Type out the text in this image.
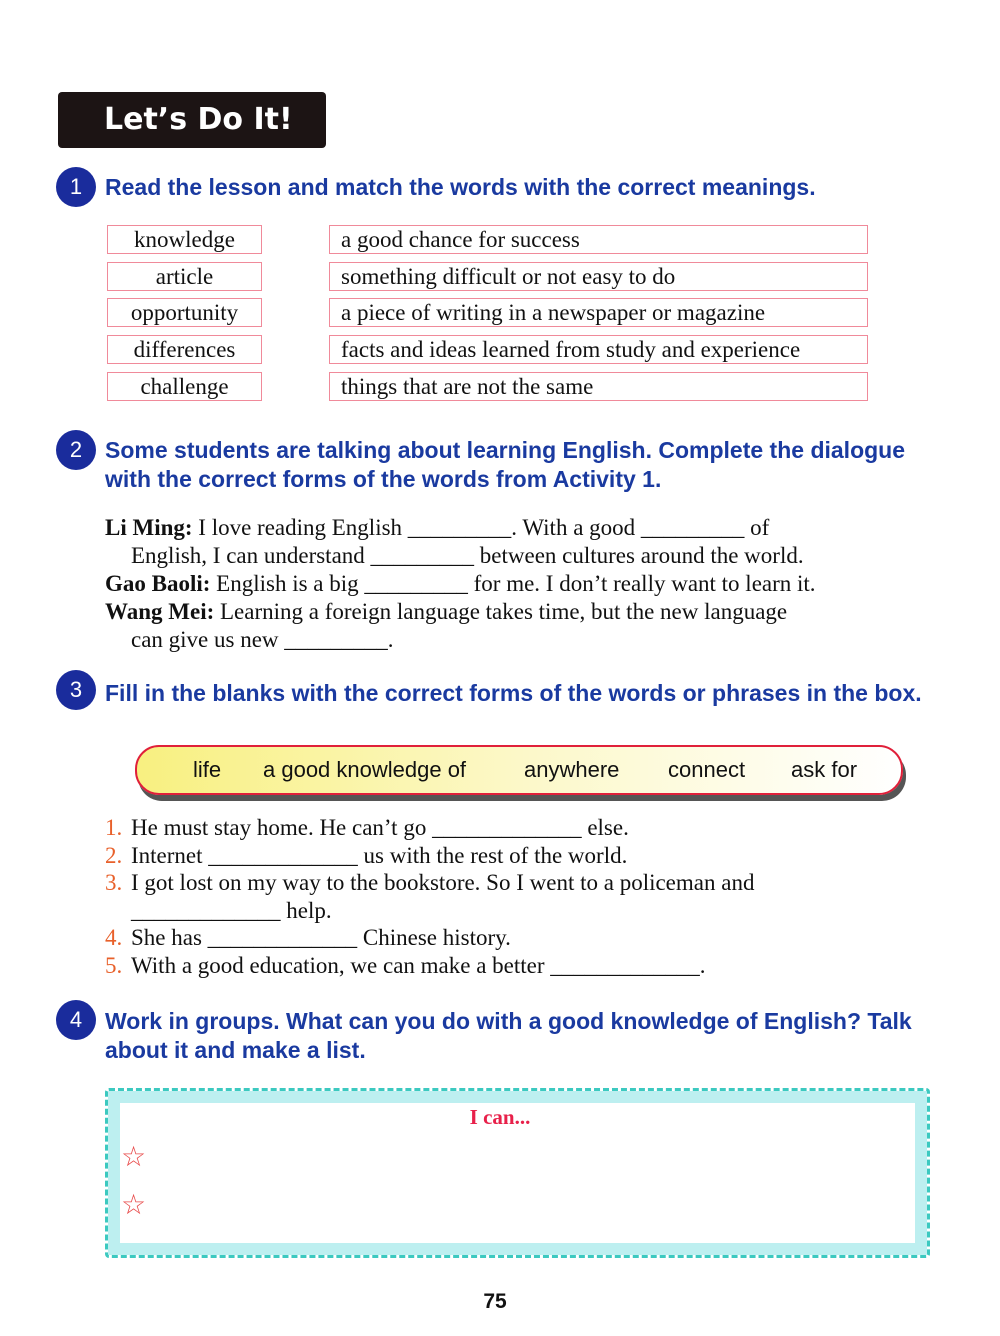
Let’s Do It!
1 Read the lesson and match the words with the correct meanings.
knowledge
article
opportunity
differences
challenge
a good chance for success
something difficult or not easy to do
a piece of writing in a newspaper or magazine
facts and ideas learned from study and experience
things that are not the same
2 Some students are talking about learning English. Complete the dialogue with the correct forms of the words from Activity 1.
Li Ming: I love reading English _________. With a good _________ of
English, I can understand _________ between cultures around the world.
Gao Baoli: English is a big _________ for me. I don’t really want to learn it.
Wang Mei: Learning a foreign language takes time, but the new language
can give us new _________.
3 Fill in the blanks with the correct forms of the words or phrases in the box.
life a good knowledge of	anywhere connect ask for
1. He must stay home. He can’t go _____________ else.
2. Internet _____________ us with the rest of the world.
3. I got lost on my way to the bookstore. So I went to a policeman and
_____________ help.
4. She has _____________ Chinese history.
5. With a good education, we can make a better _____________.
4 Work in groups. What can you do with a good knowledge of English? Talk about it and make a list.
I can...
☆
☆
75
